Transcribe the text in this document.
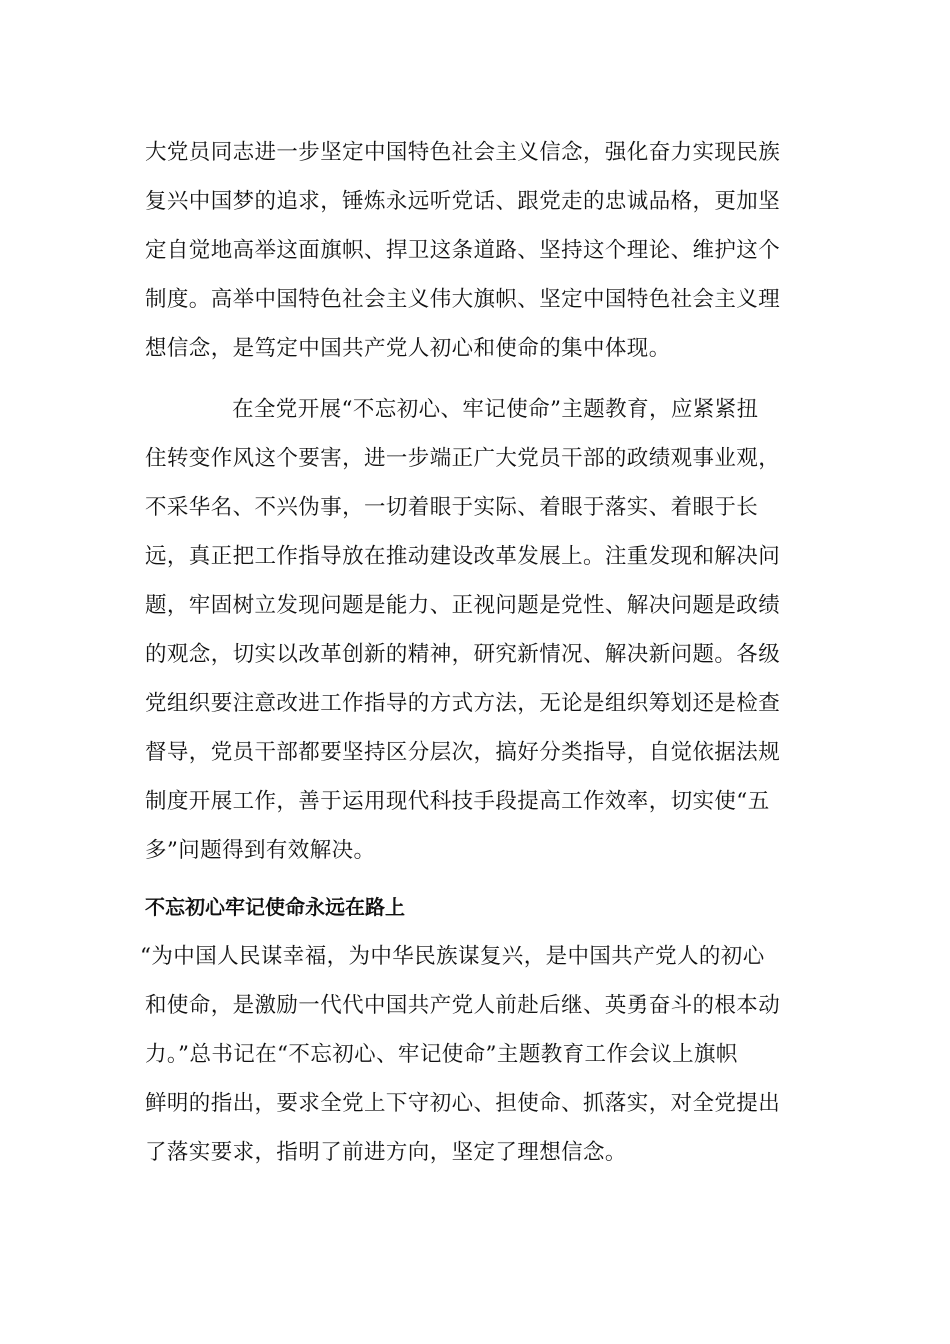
大党员同志进一步坚定中国特色社会主义信念，强化奋力实现民族
复兴中国梦的追求，锤炼永远听党话、跟党走的忠诚品格，更加坚
定自觉地高举这面旗帜、捍卫这条道路、坚持这个理论、维护这个
制度。高举中国特色社会主义伟大旗帜、坚定中国特色社会主义理
想信念，是笃定中国共产党人初心和使命的集中体现。
在全党开展“不忘初心、牢记使命”主题教育，应紧紧扭
住转变作风这个要害，进一步端正广大党员干部的政绩观事业观，
不采华名、不兴伪事，一切着眼于实际、着眼于落实、着眼于长
远，真正把工作指导放在推动建设改革发展上。注重发现和解决问
题，牢固树立发现问题是能力、正视问题是党性、解决问题是政绩
的观念，切实以改革创新的精神，研究新情况、解决新问题。各级
党组织要注意改进工作指导的方式方法，无论是组织筹划还是检查
督导，党员干部都要坚持区分层次，搞好分类指导，自觉依据法规
制度开展工作，善于运用现代科技手段提高工作效率，切实使“五
多”问题得到有效解决。
不忘初心牢记使命永远在路上
“为中国人民谋幸福，为中华民族谋复兴，是中国共产党人的初心
和使命，是激励一代代中国共产党人前赴后继、英勇奋斗的根本动
力。”总书记在“不忘初心、牢记使命”主题教育工作会议上旗帜
鲜明的指出，要求全党上下守初心、担使命、抓落实，对全党提出
了落实要求，指明了前进方向，坚定了理想信念。
